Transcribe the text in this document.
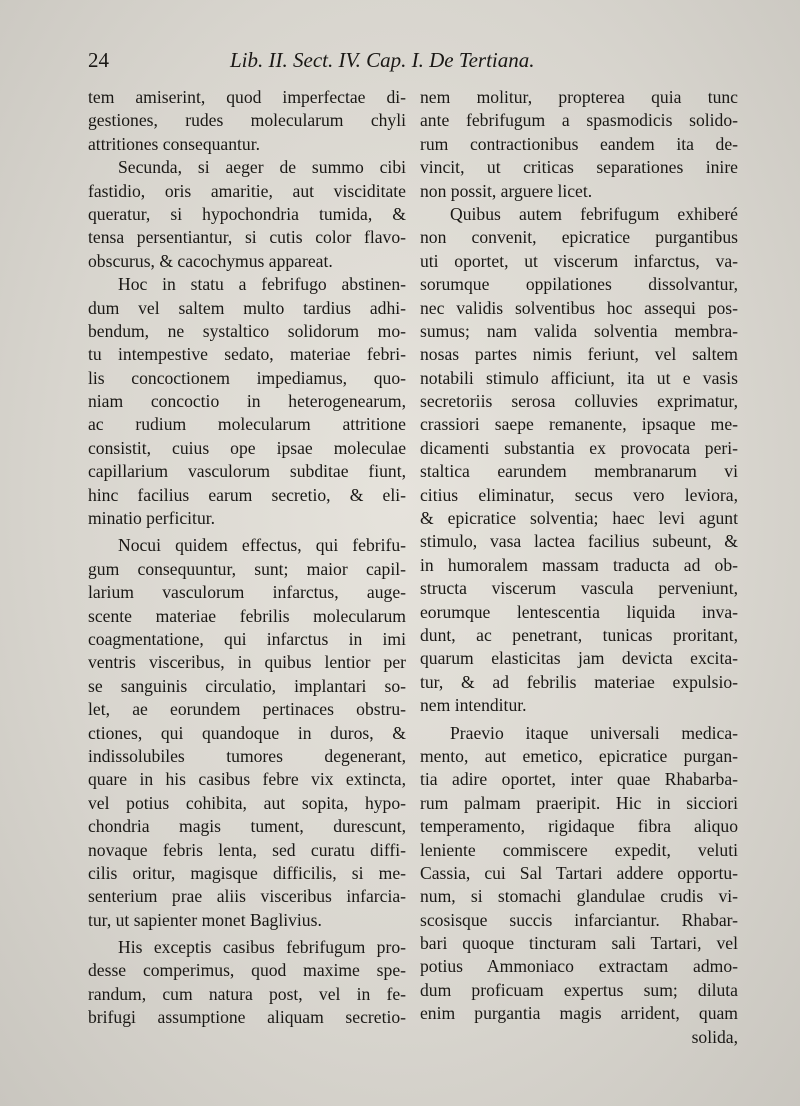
24	Lib. II. Sect. IV. Cap. I. De Tertiana.
tem amiserint, quod imperfectae di-
gestiones, rudes molecularum chyli
attritiones consequantur.
Secunda, si aeger de summo cibi
fastidio, oris amaritie, aut visciditate
queratur, si hypochondria tumida, &
tensa persentiantur, si cutis color flavo-
obscurus, & cacochymus appareat.
Hoc in statu a febrifugo abstinen-
dum vel saltem multo tardius adhi-
bendum, ne systaltico solidorum mo-
tu intempestive sedato, materiae febri-
lis concoctionem impediamus, quo-
niam concoctio in heterogenearum,
ac rudium molecularum attritione
consistit, cuius ope ipsae moleculae
capillarium vasculorum subditae fiunt,
hinc facilius earum secretio, & eli-
minatio perficitur.
Nocui quidem effectus, qui febrifu-
gum consequuntur, sunt; maior capil-
larium vasculorum infarctus, auge-
scente materiae febrilis molecularum
coagmentatione, qui infarctus in imi
ventris visceribus, in quibus lentior per
se sanguinis circulatio, implantari so-
let, ae eorundem pertinaces obstru-
ctiones, qui quandoque in duros, &
indissolubiles tumores degenerant,
quare in his casibus febre vix extincta,
vel potius cohibita, aut sopita, hypo-
chondria magis tument, durescunt,
novaque febris lenta, sed curatu diffi-
cilis oritur, magisque difficilis, si me-
senterium prae aliis visceribus infarcia-
tur, ut sapienter monet Baglivius.
His exceptis casibus febrifugum pro-
desse comperimus, quod maxime spe-
randum, cum natura post, vel in fe-
brifugi assumptione aliquam secretio-
nem molitur, propterea quia tunc
ante febrifugum a spasmodicis solido-
rum contractionibus eandem ita de-
vincit, ut criticas separationes inire
non possit, arguere licet.
Quibus autem febrifugum exhiberé
non convenit, epicratice purgantibus
uti oportet, ut viscerum infarctus, va-
sorumque oppilationes dissolvantur,
nec validis solventibus hoc assequi pos-
sumus; nam valida solventia membra-
nosas partes nimis feriunt, vel saltem
notabili stimulo afficiunt, ita ut e vasis
secretoriis serosa colluvies exprimatur,
crassiori saepe remanente, ipsaque me-
dicamenti substantia ex provocata peri-
staltica earundem membranarum vi
citius eliminatur, secus vero leviora,
& epicratice solventia; haec levi agunt
stimulo, vasa lactea facilius subeunt, &
in humoralem massam traducta ad ob-
structa viscerum vascula perveniunt,
eorumque lentescentia liquida inva-
dunt, ac penetrant, tunicas proritant,
quarum elasticitas jam devicta excita-
tur, & ad febrilis materiae expulsio-
nem intenditur.
Praevio itaque universali medica-
mento, aut emetico, epicratice purgan-
tia adire oportet, inter quae Rhabarba-
rum palmam praeripit. Hic in sicciori
temperamento, rigidaque fibra aliquo
leniente commiscere expedit, veluti
Cassia, cui Sal Tartari addere opportu-
num, si stomachi glandulae crudis vi-
scosisque succis infarciantur. Rhabar-
bari quoque tincturam sali Tartari, vel
potius Ammoniaco extractam admo-
dum proficuam expertus sum; diluta
enim purgantia magis arrident, quam
solida,
